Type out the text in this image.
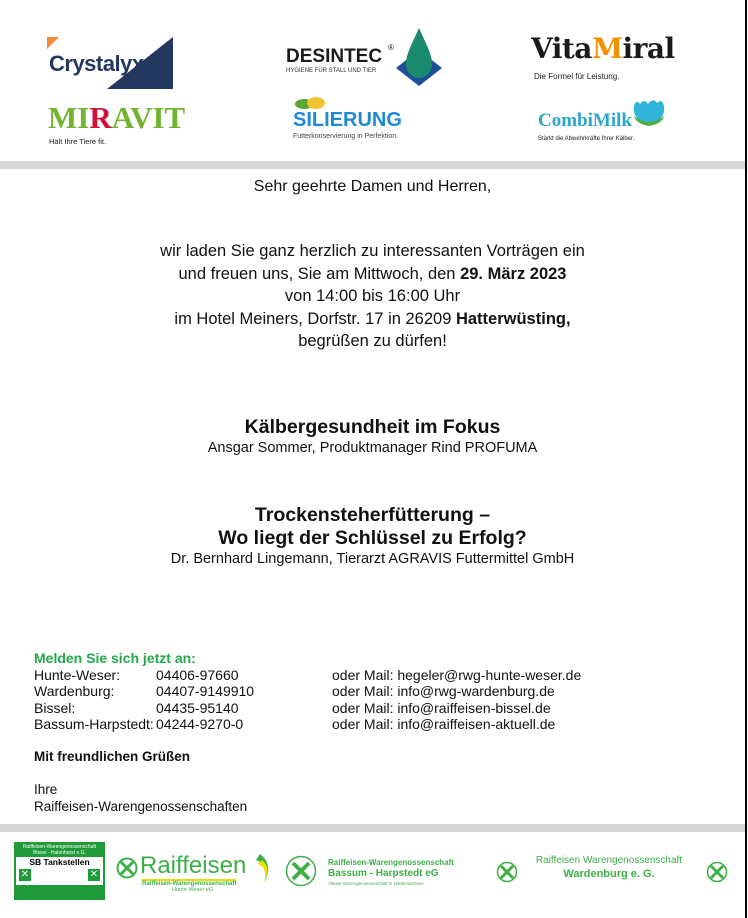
Crystalyx	DESINTEC ®
HYGIENE FÜR STALL UND TIER
VitaMiral
Die Formel für Leistung.
MIRAVIT
Hält Ihre Tiere fit.
SILIERUNG
Futterkonservierung in Perfektion.
CombiMilk
Stärkt die Abwehrkräfte Ihrer Kälber.
Sehr geehrte Damen und Herren,
wir laden Sie ganz herzlich zu interessanten Vorträgen ein
und freuen uns, Sie am Mittwoch, den 29. März 2023
von 14:00 bis 16:00 Uhr
im Hotel Meiners, Dorfstr. 17 in 26209 Hatterwüsting,
begrüßen zu dürfen!
Kälbergesundheit im Fokus
Ansgar Sommer, Produktmanager Rind PROFUMA
Trockensteherfütterung –
Wo liegt der Schlüssel zu Erfolg?
Dr. Bernhard Lingemann, Tierarzt AGRAVIS Futtermittel GmbH
Melden Sie sich jetzt an:
Hunte-Weser:	04406-97660	oder Mail: hegeler@rwg-hunte-weser.de
Wardenburg:	04407-9149910	oder Mail: info@rwg-wardenburg.de
Bissel:	04435-95140	oder Mail: info@raiffeisen-bissel.de
Bassum-Harpstedt: 04244-9270-0	oder Mail: info@raiffeisen-aktuell.de
Mit freundlichen Grüßen
Ihre
Raiffeisen-Warengenossenschaften
Raiffeisen-Warengenossenschaft
Bissel - Halenhorst e.G.
SB Tankstellen
✕	✕ Raiffeisen
Raiffeisen-Warengenossenschaft
Hunte-Weser eG
Raiffeisen-Warengenossenschaft
Bassum - Harpstedt eG
Älteste Warengenossenschaft in Niedersachsen
Raiffeisen Warengenossenschaft
Wardenburg e. G.
